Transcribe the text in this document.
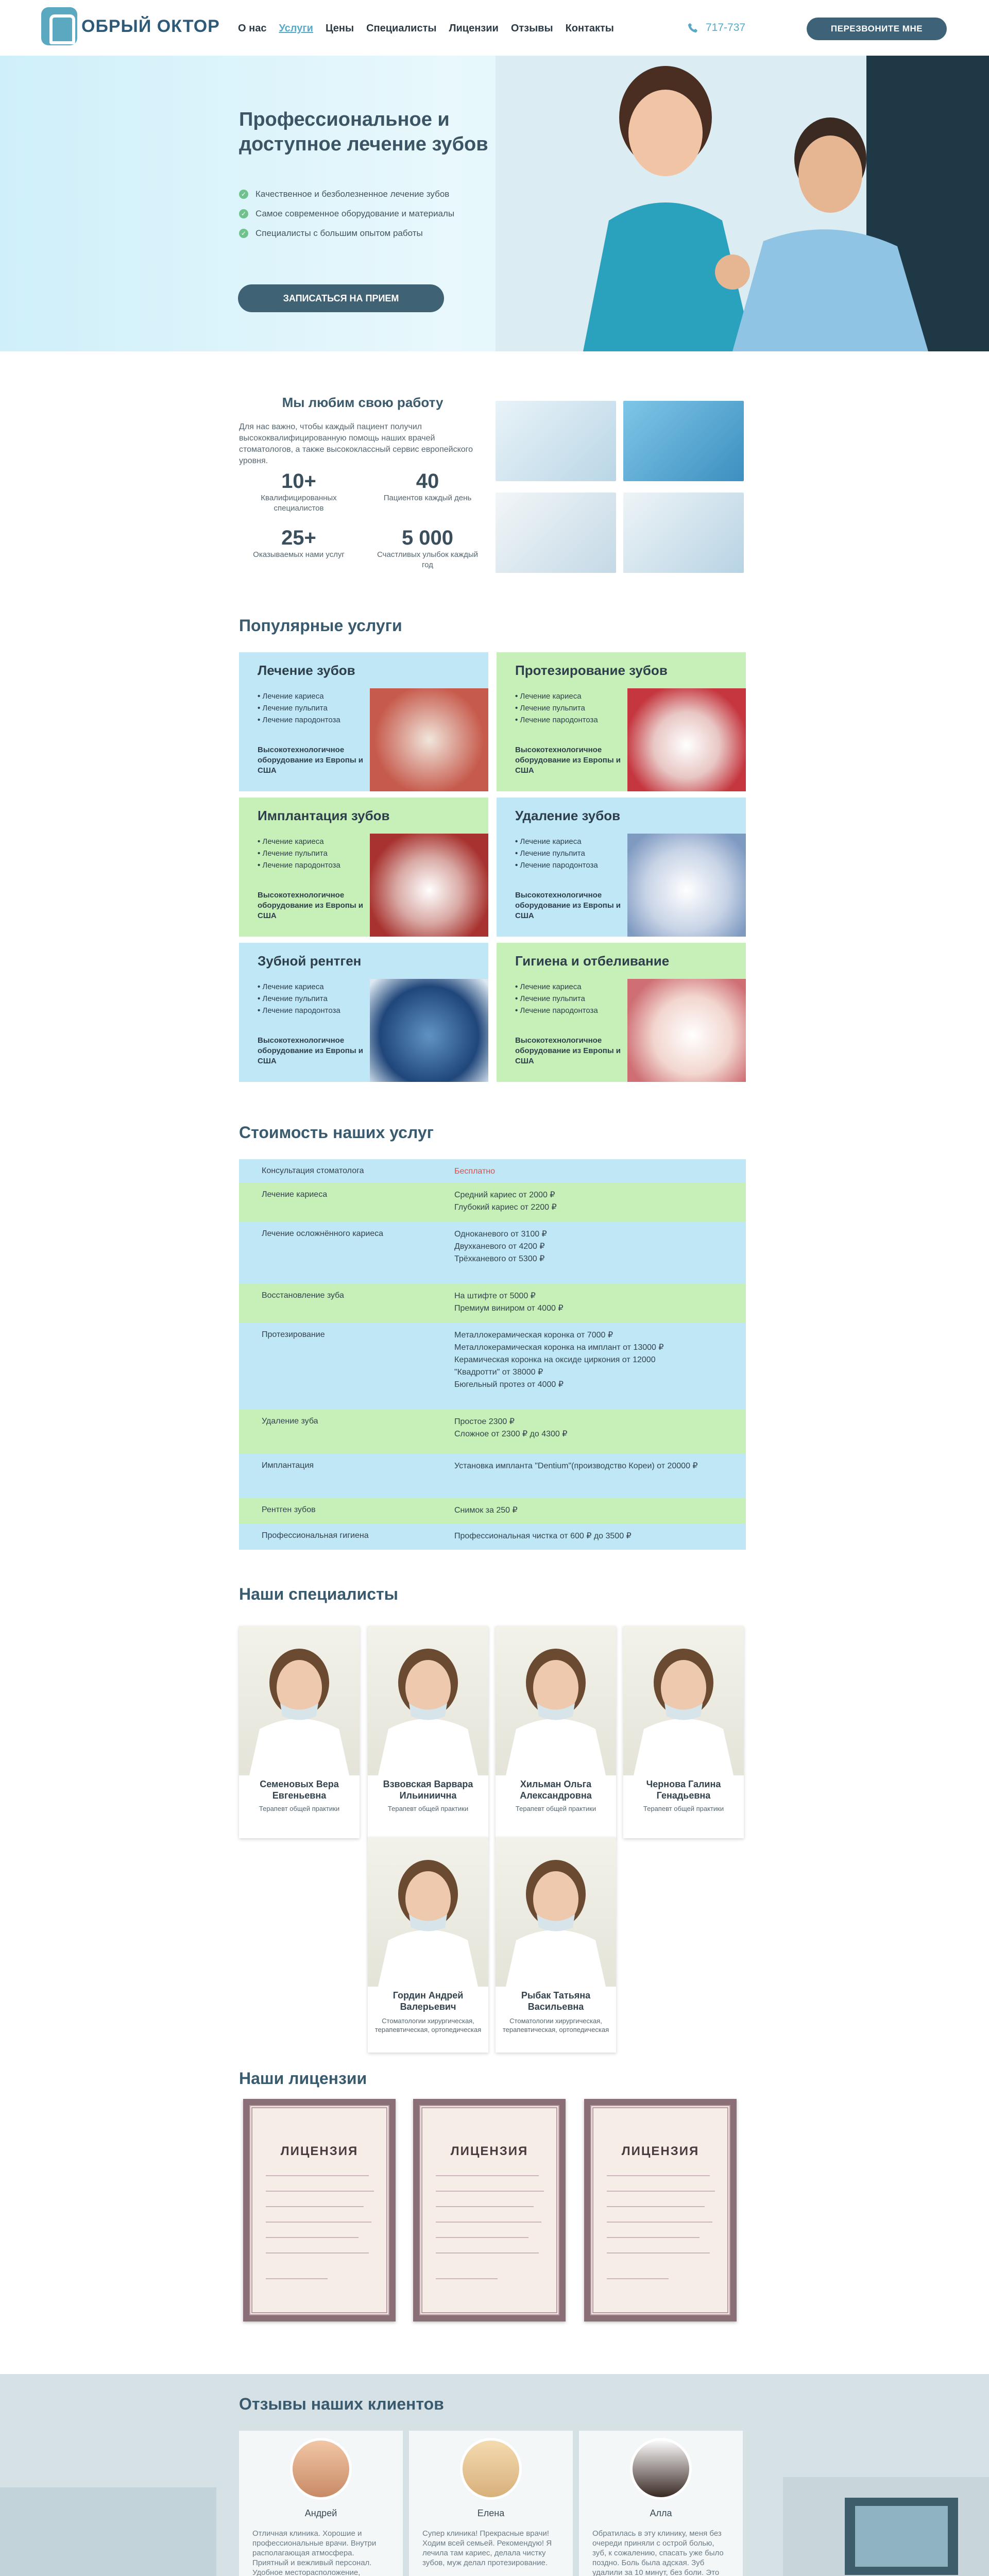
ОБРЫЙ ОКТОР О нас Услуги Цены Специалисты Лицензии Отзывы Контакты	717-737	ПЕРЕЗВОНИТЕ МНЕ
Профессиональное и доступное лечение зубов
✓ Качественное и безболезненное лечение зубов
✓ Самое современное оборудование и материалы
✓ Специалисты с большим опытом работы
ЗАПИСАТЬСЯ НА ПРИЕМ
Мы любим свою работу
Для нас важно, чтобы каждый пациент получил высококвалифицированную помощь наших врачей стоматологов, а также высококлассный сервис европейского уровня.
10+
Квалифицированных специалистов
40
Пациентов каждый день
25+
Оказываемых нами услуг
5 000
Счастливых улыбок каждый год
Популярные услуги
Лечение зубов
• Лечение кариеса
• Лечение пульпита
• Лечение пародонтоза
Высокотехнологичное оборудование из Европы и США
Протезирование зубов
• Лечение кариеса
• Лечение пульпита
• Лечение пародонтоза
Высокотехнологичное оборудование из Европы и США
Имплантация зубов
• Лечение кариеса
• Лечение пульпита
• Лечение пародонтоза
Высокотехнологичное оборудование из Европы и США
Удаление зубов
• Лечение кариеса
• Лечение пульпита
• Лечение пародонтоза
Высокотехнологичное оборудование из Европы и США
Зубной рентген
• Лечение кариеса
• Лечение пульпита
• Лечение пародонтоза
Высокотехнологичное оборудование из Европы и США
Гигиена и отбеливание
• Лечение кариеса
• Лечение пульпита
• Лечение пародонтоза
Высокотехнологичное оборудование из Европы и США
Стоимость наших услуг
Консультация стоматолога	Бесплатно
Лечение кариеса	Средний кариес от 2000 ₽
Глубокий кариес от 2200 ₽
Лечение осложнённого кариеса	Одноканевого от 3100 ₽
Двухканевого от 4200 ₽
Трёхканевого от 5300 ₽
Восстановление зуба	На штифте от 5000 ₽
Премиум виниром от 4000 ₽
Протезирование	Металлокерамическая коронка от 7000 ₽
Металлокерамическая коронка на имплант от 13000 ₽
Керамическая коронка на оксиде циркония от 12000
"Квадротти" от 38000 ₽
Бюгельный протез от 4000 ₽
Удаление зуба	Простое 2300 ₽
Сложное от 2300 ₽ до 4300 ₽
Имплантация	Установка импланта "Dentium"(производство Кореи) от 20000 ₽
Рентген зубов	Снимок за 250 ₽
Профессиональная гигиена	Профессиональная чистка от 600 ₽ до 3500 ₽
Наши специалисты
Семеновых Вера Евгеньевна
Терапевт общей практики
Взвовская Варвара Ильиниична
Терапевт общей практики
Хильман Ольга Александровна
Терапевт общей практики
Чернова Галина Генадьевна
Терапевт общей практики
Гордин Андрей Валерьевич
Стоматологии хирургическая, терапевтическая, ортопедическая
Рыбак Татьяна Васильевна
Стоматологии хирургическая, терапевтическая, ортопедическая
Наши лицензии
ЛИЦЕНЗИЯ	ЛИЦЕНЗИЯ	ЛИЦЕНЗИЯ
Отзывы наших клиентов
Андрей
Отличная клиника. Хорошие и профессиональные врачи. Внутри располагающая атмосфера. Приятный и вежливый персонал. Удобное месторасположение,
Елена
Супер клиника! Прекрасные врачи! Ходим всей семьей. Рекомендую! Я лечила там кариес, делала чистку зубов, муж делал протезирование.
Алла
Обратилась в эту клинику, меня без очереди приняли с острой болью, зуб, к сожалению, спасать уже было поздно. Боль была адская. Зуб удалили за 10 минут, без боли. Это
